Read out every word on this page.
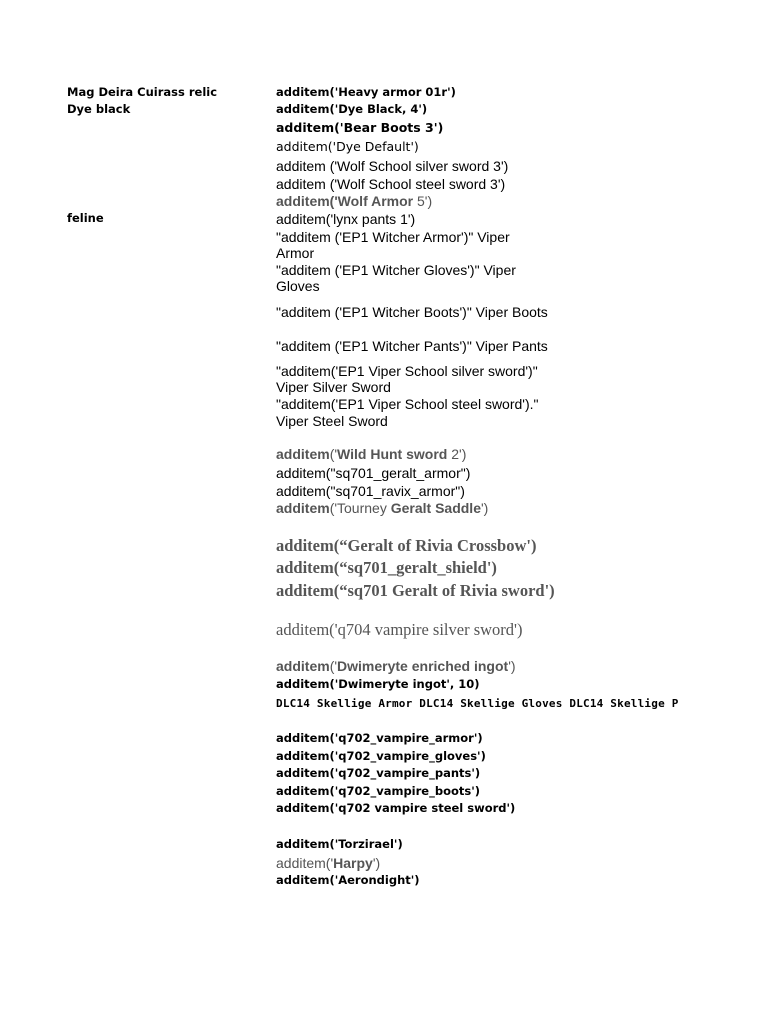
Mag Deira Cuirass relic
Dye black
feline
additem('Heavy armor 01r')
additem('Dye Black, 4')
additem('Bear Boots 3')
additem('Dye Default')
additem ('Wolf School silver sword 3')
additem ('Wolf School steel sword 3')
additem('Wolf Armor 5')
additem('lynx pants 1')
"additem ('EP1 Witcher Armor')" Viper
Armor
"additem ('EP1 Witcher Gloves')" Viper
Gloves
"additem ('EP1 Witcher Boots')" Viper Boots
"additem ('EP1 Witcher Pants')" Viper Pants
"additem('EP1 Viper School silver sword')"
Viper Silver Sword
"additem('EP1 Viper School steel sword')."
Viper Steel Sword
additem('Wild Hunt sword 2')
additem("sq701_geralt_armor")
additem("sq701_ravix_armor")
additem('Tourney Geralt Saddle')
additem(“Geralt of Rivia Crossbow')
additem(“sq701_geralt_shield')
additem(“sq701 Geralt of Rivia sword')
additem('q704 vampire silver sword')
additem('Dwimeryte enriched ingot')
additem('Dwimeryte ingot', 10)
DLC14 Skellige Armor DLC14 Skellige Gloves DLC14 Skellige P
additem('q702_vampire_armor')
additem('q702_vampire_gloves')
additem('q702_vampire_pants')
additem('q702_vampire_boots')
additem('q702 vampire steel sword')
additem('Torzirael')
additem('Harpy')
additem('Aerondight')
